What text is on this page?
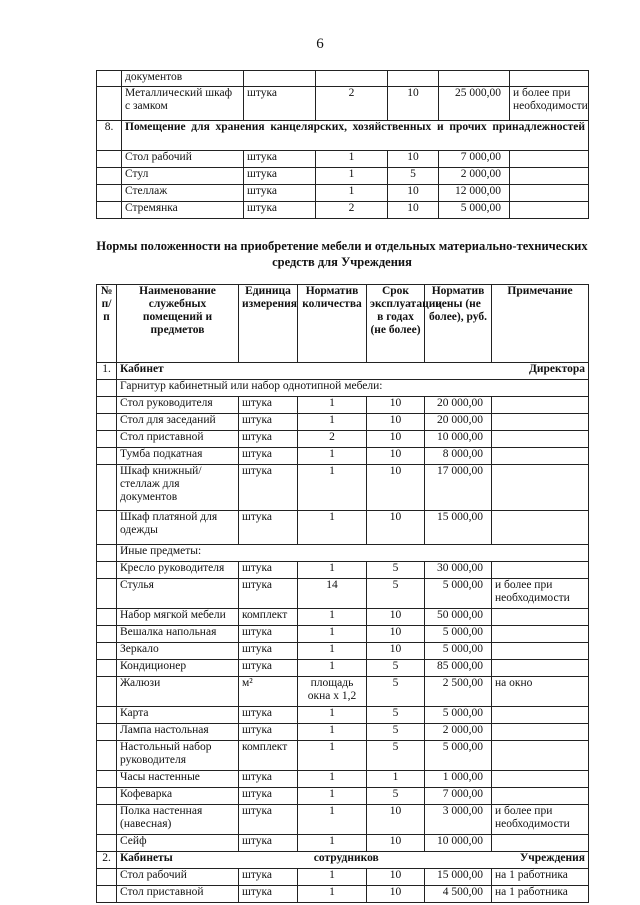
6
	документов					
	Металлический шкаф с замком	штука	2	10	25 000,00	и более при необходимости
8.	Помещение для хранения канцелярских, хозяйственных и прочих принадлежностей					
	Стол рабочий	штука	1	10	7 000,00	
	Стул	штука	1	5	2 000,00	
	Стеллаж	штука	1	10	12 000,00	
	Стремянка	штука	2	10	5 000,00	
Нормы положенности на приобретение мебели и отдельных материально-технических средств для Учреждения
№ п/п	Наименование служебных помещений и предметов	Единица измерения	Норматив количества	Срок эксплуатации в годах (не более)	Норматив цены (не более), руб.	Примечание
1.	Кабинет Директора					
	Гарнитур кабинетный или набор однотипной мебели:					
	Стол руководителя	штука	1	10	20 000,00	
	Стол для заседаний	штука	1	10	20 000,00	
	Стол приставной	штука	2	10	10 000,00	
	Тумба подкатная	штука	1	10	8 000,00	
	Шкаф книжный/стеллаж для документов	штука	1	10	17 000,00	
	Шкаф платяной для одежды	штука	1	10	15 000,00	
	Иные предметы:					
	Кресло руководителя	штука	1	5	30 000,00	
	Стулья	штука	14	5	5 000,00	и более при необходимости
	Набор мягкой мебели	комплект	1	10	50 000,00	
	Вешалка напольная	штука	1	10	5 000,00	
	Зеркало	штука	1	10	5 000,00	
	Кондиционер	штука	1	5	85 000,00	
	Жалюзи	м²	площадь окна х 1,2	5	2 500,00	на окно
	Карта	штука	1	5	5 000,00	
	Лампа настольная	штука	1	5	2 000,00	
	Настольный набор руководителя	комплект	1	5	5 000,00	
	Часы настенные	штука	1	1	1 000,00	
	Кофеварка	штука	1	5	7 000,00	
	Полка настенная (навесная)	штука	1	10	3 000,00	и более при необходимости
	Сейф	штука	1	10	10 000,00	
2.	Кабинеты сотрудников Учреждения					
	Стол рабочий	штука	1	10	15 000,00	на 1 работника
	Стол приставной	штука	1	10	4 500,00	на 1 работника
